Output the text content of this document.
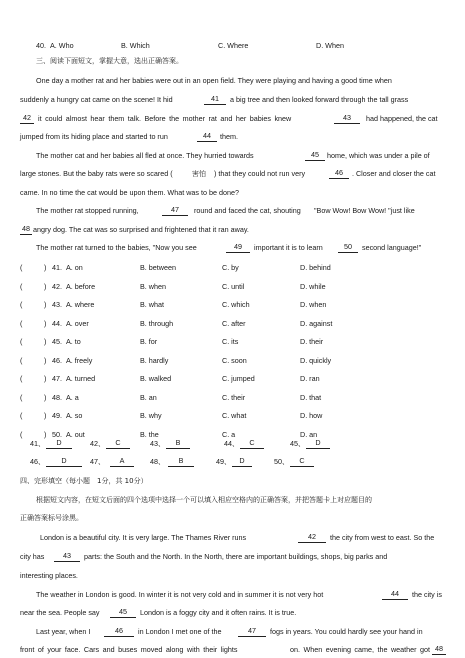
40. A. Who	B. Which	C. Where	D. When
三、阅读下面短文，掌握大意，选出正确答案。
One day a mother rat and her babies were out in an open field. They were playing and having a good time when
suddenly a hungry cat came on the scene! It hid	41	a big tree and then looked forward through the tall grass
42 it could almost hear them talk. Before the mother rat and her babies knew	43	had happened, the cat
jumped from its hiding place and started to run	44	them.
The mother cat and her babies all fled at once. They hurried towards	45	home, which was under a pile of
large stones. But the baby rats were so scared (	害怕 ) that they could not run very	46	. Closer and closer the cat
came. In no time the cat would be upon them. What was to be done?
The mother rat stopped running,	47	round and faced the cat, shouting "Bow Wow! Bow Wow! "just like
48 angry dog. The cat was so surprised and frightened that it ran away.
The mother rat turned to the babies, "Now you see	49	important it is to learn	50	second language!"
(	) 41. A. on	B. between	C. by	D. behind
(	) 42. A. before	B. when	C. until	D. while
(	) 43. A. where	B. what	C. which	D. when
(	) 44. A. over	B. through	C. after	D. against
(	) 45. A. to	B. for	C. its	D. their
(	) 46. A. freely	B. hardly	C. soon	D. quickly
(	) 47. A. turned	B. walked	C. jumped	D. ran
(	) 48. A. a	B. an	C. their	D. that
(	) 49. A. so	B. why	C. what	D. how
(	) 50. A. out	B. the	C. a	D. an
41、	D	42、	C	43、	B	44、	C	45、	D
46、	D	47、	A	48、	B	49、	D	50、	C
四、完形填空（每小题　1分，共 10分）
根据短文内容，在短文后面的四个选项中选择一个可以填入相应空格内的正确答案，并把答题卡上对应题目的
正确答案标号涂黑。
London is a beautiful city. It is very large. The Thames River runs	42	the city from west to east. So the
city has	43	parts: the South and the North. In the North, there are important buildings, shops, big parks and
interesting places.
The weather in London is good. In winter it is not very cold and in summer it is not very hot	44	the city is
near the sea. People say	45	London is a foggy city and it often rains. It is true.
Last year, when I	46	in London I met one of the	47	fogs in years. You could hardly see your hand in
front of your face. Cars and buses moved along with their lights	on. When evening came, the weather got 48
